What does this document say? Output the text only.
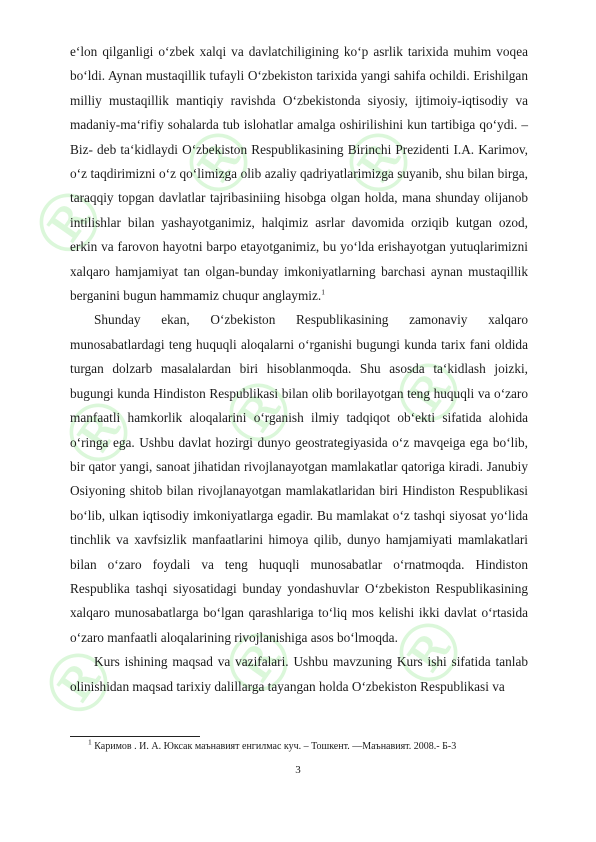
Ⓡ
Ⓡ Ⓡ
Ⓡ Ⓡ Ⓡ
Ⓡ Ⓡ Ⓡ

e‘lon qilganligi o‘zbek xalqi va davlatchiligining ko‘p asrlik tarixida muhim voqea bo‘ldi. Aynan mustaqillik tufayli O‘zbekiston tarixida yangi sahifa ochildi. Erishilgan milliy mustaqillik mantiqiy ravishda O‘zbekistonda siyosiy, ijtimoiy-iqtisodiy va madaniy-ma‘rifiy sohalarda tub islohatlar amalga oshirilishini kun tartibiga qo‘ydi. –Biz- deb ta‘kidlaydi O‘zbekiston Respublikasining Birinchi Prezidenti I.A. Karimov, o‘z taqdirimizni o‘z qo‘limizga olib azaliy qadriyatlarimizga suyanib, shu bilan birga, taraqqiy topgan davlatlar tajribasiniing hisobga olgan holda, mana shunday olijanob intilishlar bilan yashayotganimiz, halqimiz asrlar davomida orziqib kutgan ozod, erkin va farovon hayotni barpo etayotganimiz, bu yo‘lda erishayotgan yutuqlarimizni xalqaro hamjamiyat tan olgan-bunday imkoniyatlarning barchasi aynan mustaqillik berganini bugun hammamiz chuqur anglaymiz.$^1$

Shunday ekan, O‘zbekiston Respublikasining zamonaviy xalqaro munosabatlardagi teng huquqli aloqalarni o‘rganishi bugungi kunda tarix fani oldida turgan dolzarb masalalardan biri hisoblanmoqda. Shu asosda ta‘kidlash joizki, bugungi kunda Hindiston Respublikasi bilan olib borilayotgan teng huquqli va o‘zaro manfaatli hamkorlik aloqalarini o‘rganish ilmiy tadqiqot ob‘ekti sifatida alohida o‘ringa ega. Ushbu davlat hozirgi dunyo geostrategiyasida o‘z mavqeiga ega bo‘lib, bir qator yangi, sanoat jihatidan rivojlanayotgan mamlakatlar qatoriga kiradi. Janubiy Osiyoning shitob bilan rivojlanayotgan mamlakatlaridan biri Hindiston Respublikasi bo‘lib, ulkan iqtisodiy imkoniyatlarga egadir. Bu mamlakat o‘z tashqi siyosat yo‘lida tinchlik va xavfsizlik manfaatlarini himoya qilib, dunyo hamjamiyati mamlakatlari bilan o‘zaro foydali va teng huquqli munosabatlar o‘rnatmoqda. Hindiston Respublika tashqi siyosatidagi bunday yondashuvlar O‘zbekiston Respublikasining xalqaro munosabatlarga bo‘lgan qarashlariga to‘liq mos kelishi ikki davlat o‘rtasida o‘zaro manfaatli aloqalarining rivojlanishiga asos bo‘lmoqda.

Kurs ishining maqsad va vazifalari. Ushbu mavzuning Kurs ishi sifatida tanlab olinishidan maqsad tarixiy dalillarga tayangan holda O‘zbekiston Respublikasi va

$^1$ Каримов . И. А. Юксак маънавият енгилмас куч. – Тошкент. —Маънавият. 2008.- Б-3
3
